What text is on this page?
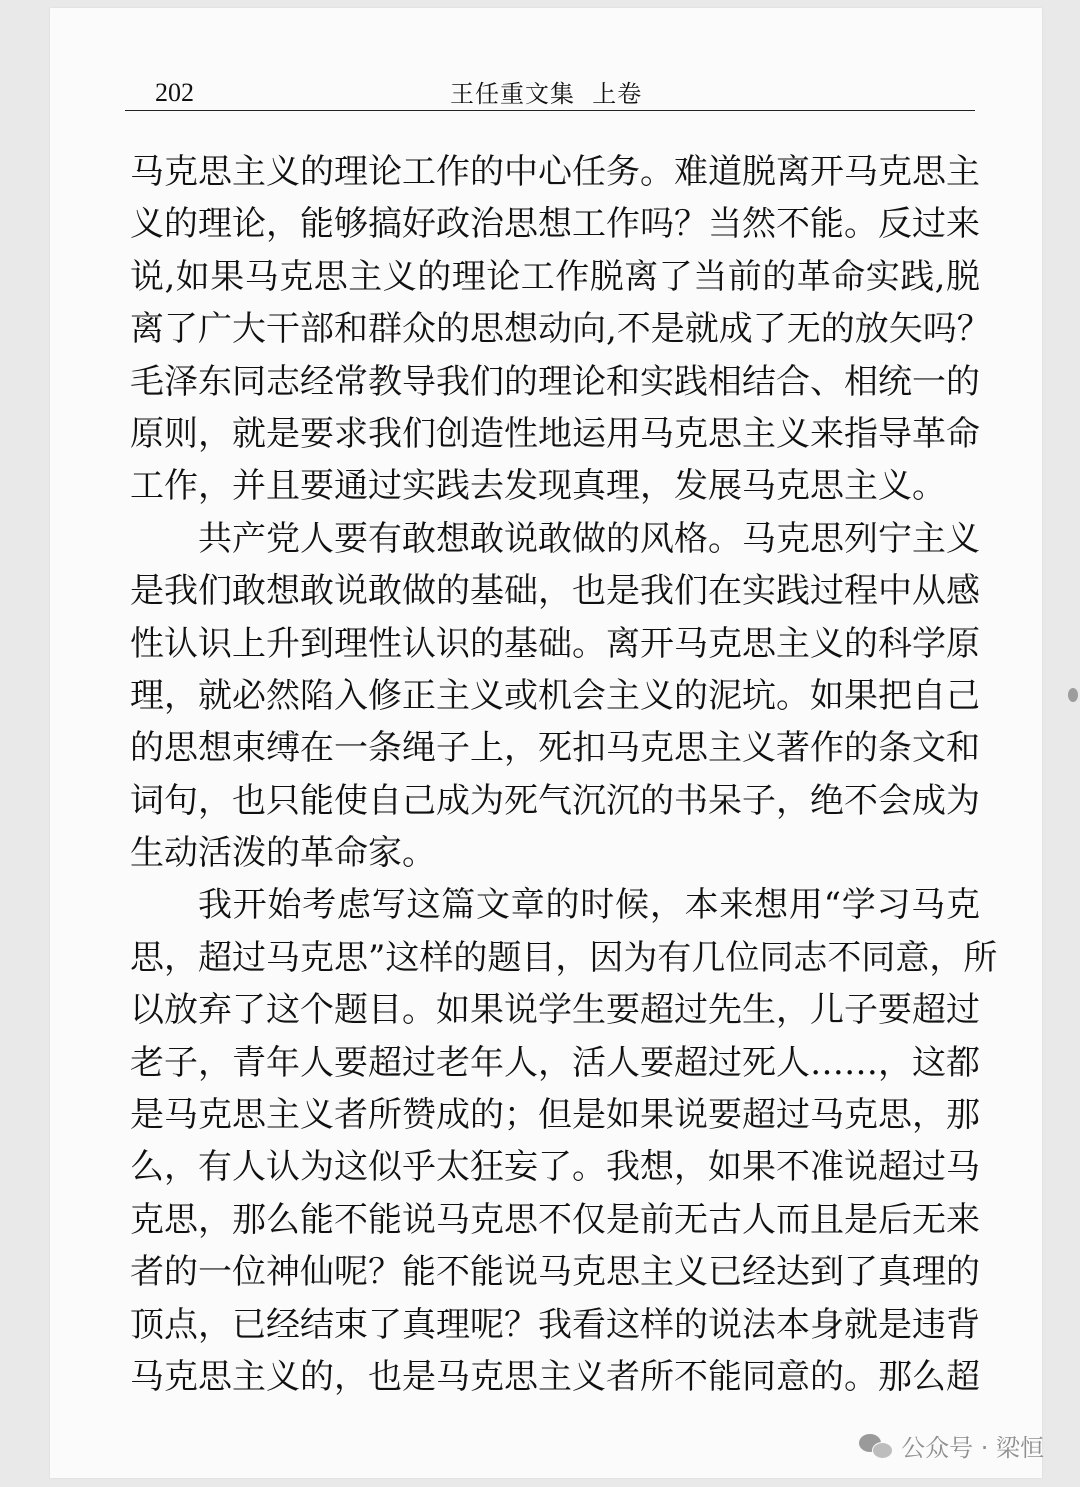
202	王任重文集  上卷
马克思主义的理论工作的中心任务。难道脱离开马克思主
义的理论，能够搞好政治思想工作吗？当然不能。反过来
说,如果马克思主义的理论工作脱离了当前的革命实践,脱
离了广大干部和群众的思想动向,不是就成了无的放矢吗？
毛泽东同志经常教导我们的理论和实践相结合、相统一的
原则，就是要求我们创造性地运用马克思主义来指导革命
工作，并且要通过实践去发现真理，发展马克思主义。
共产党人要有敢想敢说敢做的风格。马克思列宁主义
是我们敢想敢说敢做的基础，也是我们在实践过程中从感
性认识上升到理性认识的基础。离开马克思主义的科学原
理，就必然陷入修正主义或机会主义的泥坑。如果把自己
的思想束缚在一条绳子上，死扣马克思主义著作的条文和
词句，也只能使自己成为死气沉沉的书呆子，绝不会成为
生动活泼的革命家。
我开始考虑写这篇文章的时候，本来想用“学习马克
思，超过马克思”这样的题目，因为有几位同志不同意，所
以放弃了这个题目。如果说学生要超过先生，儿子要超过
老子，青年人要超过老年人，活人要超过死人……，这都
是马克思主义者所赞成的；但是如果说要超过马克思，那
么，有人认为这似乎太狂妄了。我想，如果不准说超过马
克思，那么能不能说马克思不仅是前无古人而且是后无来
者的一位神仙呢？能不能说马克思主义已经达到了真理的
顶点，已经结束了真理呢？我看这样的说法本身就是违背
马克思主义的，也是马克思主义者所不能同意的。那么超
公众号 · 梁恒
